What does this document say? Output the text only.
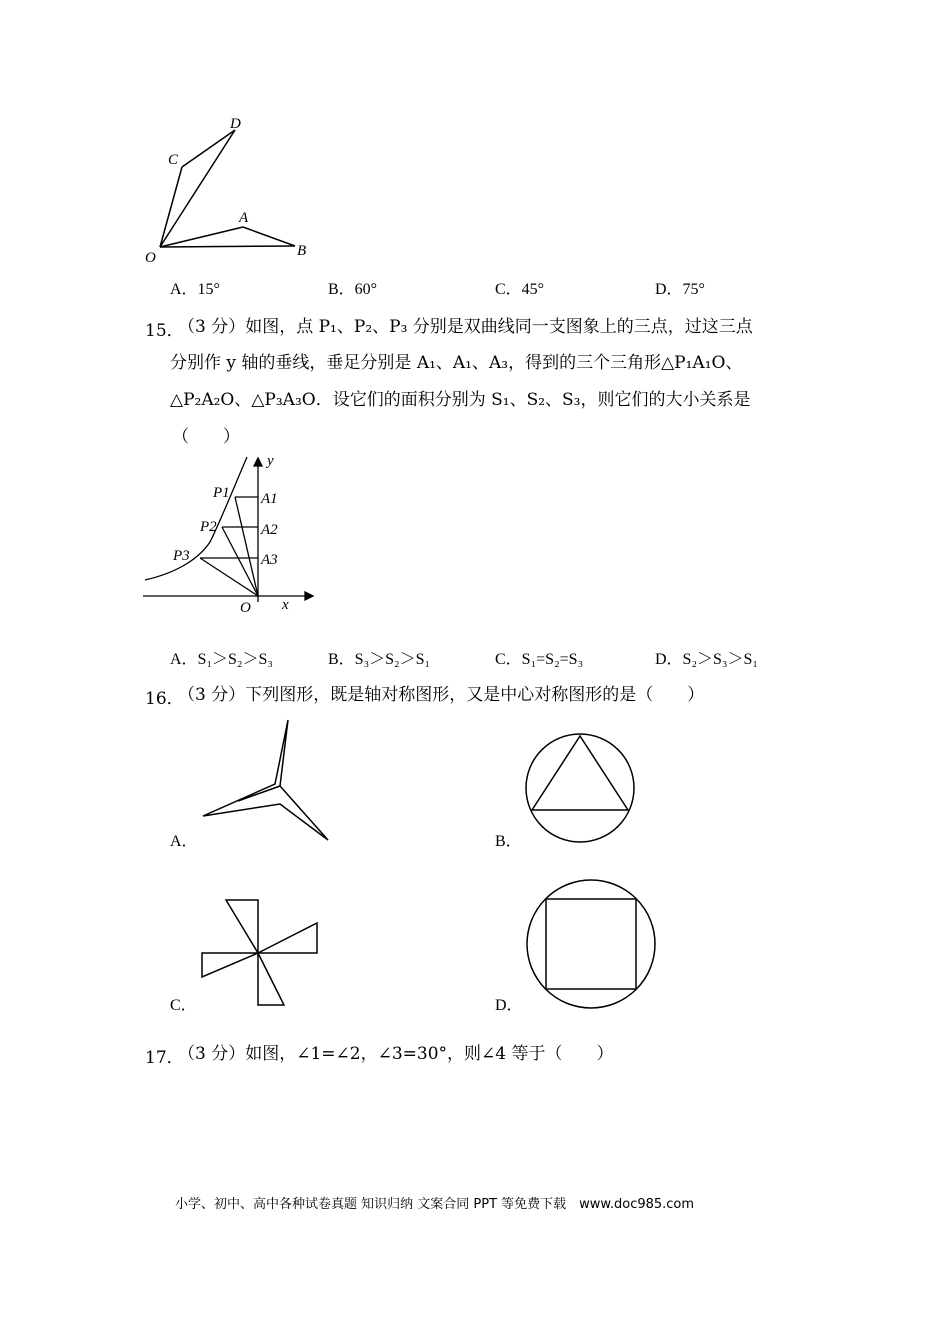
D
C
A
B
O
A．15°	B．60°	C．45°	D．75°
15．
（3 分）如图，点 P₁、P₂、P₃ 分别是双曲线同一支图象上的三点，过这三点
分别作 y 轴的垂线，垂足分别是 A₁、A₁、A₃，得到的三个三角形△P₁A₁O、
△P₂A₂O、△P₃A₃O．设它们的面积分别为 S₁、S₂、S₃，则它们的大小关系是
（　　）
y
x
O
P1
P2
P3
A1
A2
A3
A．S₁＞S₂＞S₃	B．S₃＞S₂＞S₁	C．S₁=S₂=S₃	D．S₂＞S₃＞S₁
16．
（3 分）下列图形，既是轴对称图形，又是中心对称图形的是（　　）
A．	B．
C．	D．
17．
（3 分）如图，∠1=∠2，∠3=30°，则∠4 等于（　　）
小学、初中、高中各种试卷真题 知识归纳 文案合同 PPT 等免费下载　www.doc985.com
